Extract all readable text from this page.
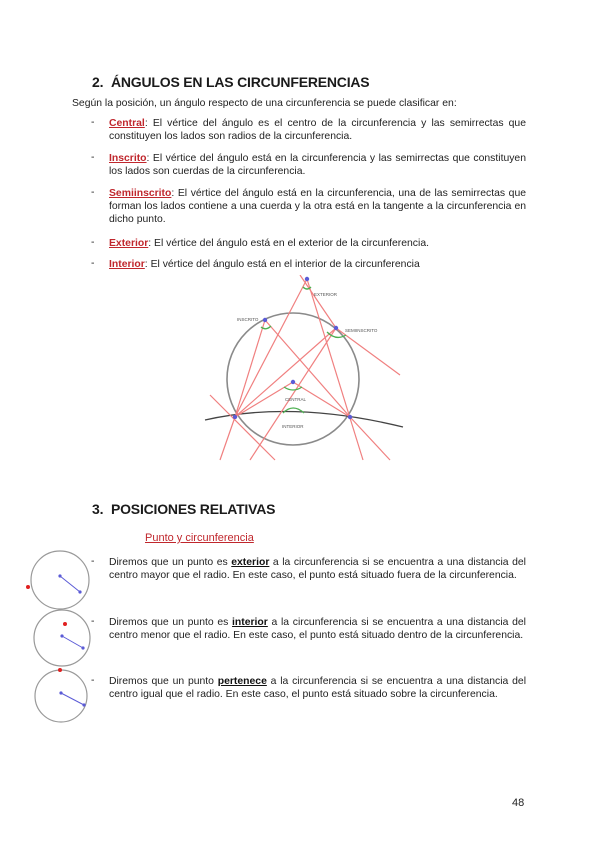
2. ÁNGULOS EN LAS CIRCUNFERENCIAS
Según la posición, un ángulo respecto de una circunferencia se puede clasificar en:
- Central: El vértice del ángulo es el centro de la circunferencia y las semirrectas que constituyen los lados son radios de la circunferencia.
- Inscrito: El vértice del ángulo está en la circunferencia y las semirrectas que constituyen los lados son cuerdas de la circunferencia.
- Semiinscrito: El vértice del ángulo está en la circunferencia, una de las semirrectas que forman los lados contiene a una cuerda y la otra está en la tangente a la circunferencia en dicho punto.
- Exterior: El vértice del ángulo está en el exterior de la circunferencia.
- Interior: El vértice del ángulo está en el interior de la circunferencia
EXTERIOR
INSCRITO
SEMIINSCRITO
CENTRAL
INTERIOR
3. POSICIONES RELATIVAS
Punto y circunferencia
- Diremos que un punto es exterior a la circunferencia si se encuentra a una distancia del centro mayor que el radio. En este caso, el punto está situado fuera de la circunferencia.
- Diremos que un punto es interior a la circunferencia si se encuentra a una distancia del centro menor que el radio. En este caso, el punto está situado dentro de la circunferencia.
- Diremos que un punto pertenece a la circunferencia si se encuentra a una distancia del centro igual que el radio. En este caso, el punto está situado sobre la circunferencia.
48
